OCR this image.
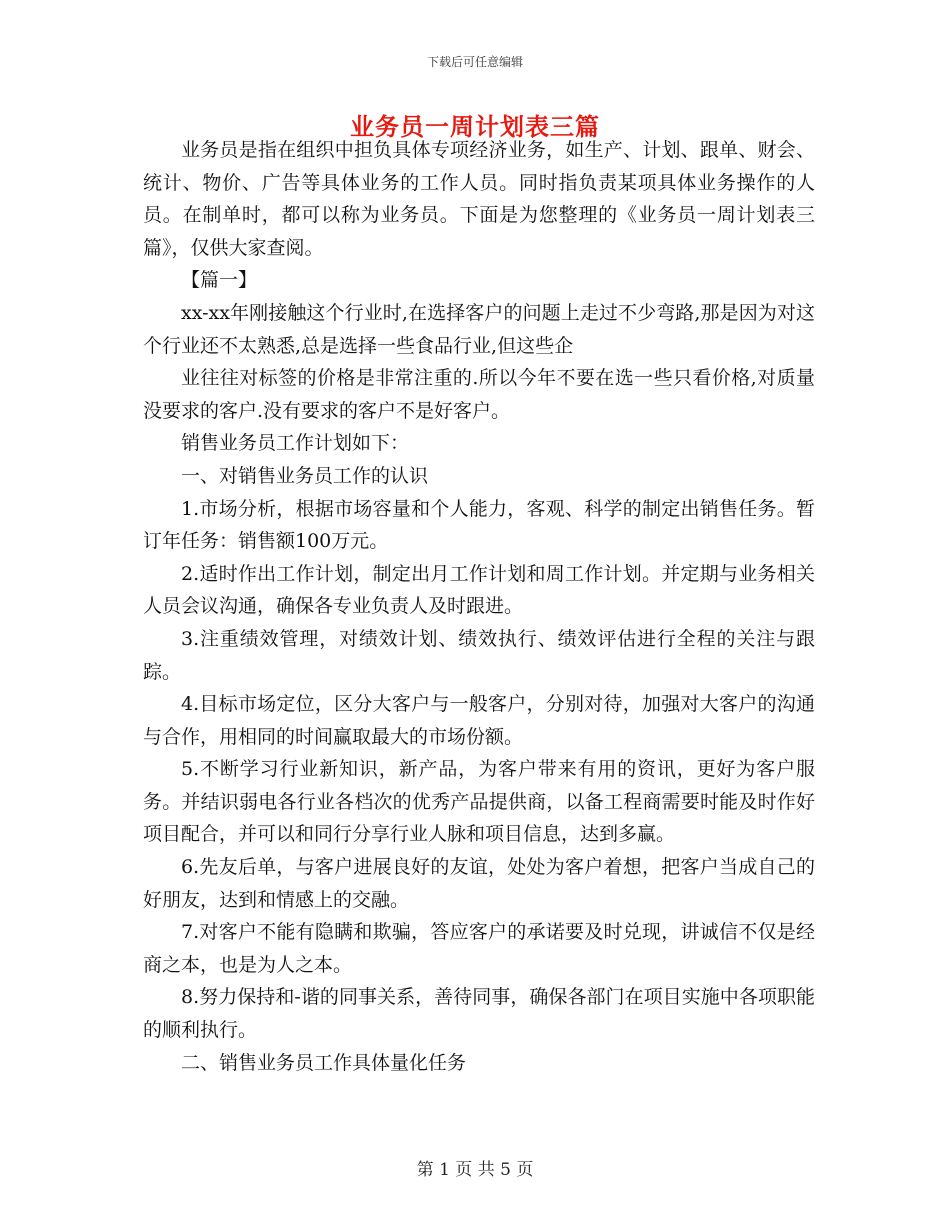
下载后可任意编辑
业务员一周计划表三篇

业务员是指在组织中担负具体专项经济业务，如生产、计划、跟单、财会、统计、物价、广告等具体业务的工作人员。同时指负责某项具体业务操作的人员。在制单时，都可以称为业务员。下面是为您整理的《业务员一周计划表三篇》，仅供大家查阅。

【篇一】

xx-xx年刚接触这个行业时,在选择客户的问题上走过不少弯路,那是因为对这个行业还不太熟悉,总是选择一些食品行业,但这些企

业往往对标签的价格是非常注重的.所以今年不要在选一些只看价格,对质量没要求的客户.没有要求的客户不是好客户。

销售业务员工作计划如下：

一、对销售业务员工作的认识

1.市场分析，根据市场容量和个人能力，客观、科学的制定出销售任务。暂订年任务：销售额100万元。

2.适时作出工作计划，制定出月工作计划和周工作计划。并定期与业务相关人员会议沟通，确保各专业负责人及时跟进。

3.注重绩效管理，对绩效计划、绩效执行、绩效评估进行全程的关注与跟踪。

4.目标市场定位，区分大客户与一般客户，分别对待，加强对大客户的沟通与合作，用相同的时间赢取最大的市场份额。

5.不断学习行业新知识，新产品，为客户带来有用的资讯，更好为客户服务。并结识弱电各行业各档次的优秀产品提供商，以备工程商需要时能及时作好项目配合，并可以和同行分享行业人脉和项目信息，达到多赢。

6.先友后单，与客户进展良好的友谊，处处为客户着想，把客户当成自己的好朋友，达到和情感上的交融。

7.对客户不能有隐瞒和欺骗，答应客户的承诺要及时兑现，讲诚信不仅是经商之本，也是为人之本。

8.努力保持和-谐的同事关系，善待同事，确保各部门在项目实施中各项职能的顺利执行。

二、销售业务员工作具体量化任务

第 1 页 共 5 页
